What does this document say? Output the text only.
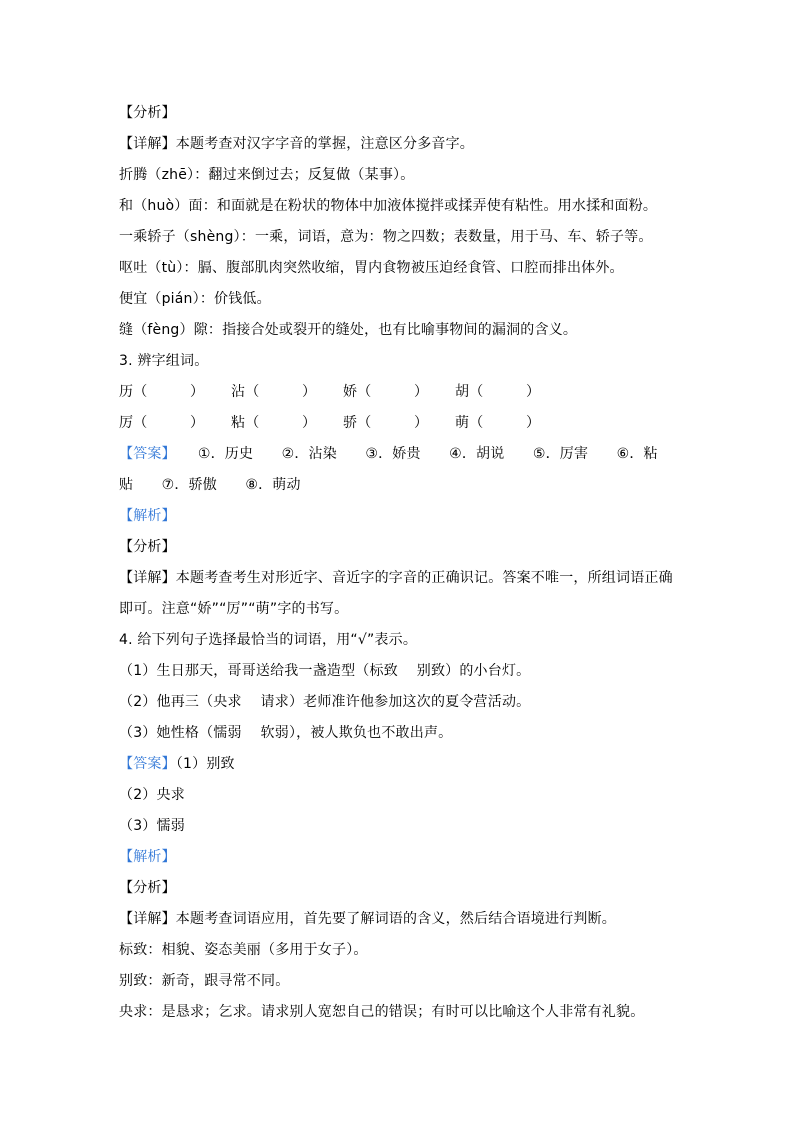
【分析】
【详解】本题考查对汉字字音的掌握，注意区分多音字。
折腾（zhē）：翻过来倒过去；反复做（某事）。
和（huò）面：和面就是在粉状的物体中加液体搅拌或揉弄使有粘性。用水揉和面粉。
一乘轿子（shèng）：一乘，词语，意为：物之四数；表数量，用于马、车、轿子等。
呕吐（tù）：膈、腹部肌肉突然收缩，胃内食物被压迫经食管、口腔而排出体外。
便宜（pián）：价钱低。
缝（fèng）隙：指接合处或裂开的缝处，也有比喻事物间的漏洞的含义。
3. 辨字组词。
历（　　　）	沾（　　　）	娇（　　　）	胡（　　　）
厉（　　　）	粘（　　　）	骄（　　　）	萌（　　　）
【答案】 ①．历史　　②．沾染　　③．娇贵　　④．胡说　　⑤．厉害　　⑥．粘
贴　　⑦．骄傲　　⑧．萌动
【解析】
【分析】
【详解】本题考查考生对形近字、音近字的字音的正确识记。答案不唯一，所组词语正确
即可。注意“娇”“厉”“萌”字的书写。
4. 给下列句子选择最恰当的词语，用“√”表示。
（1）生日那天，哥哥送给我一盏造型（标致　 别致）的小台灯。
（2）他再三（央求　 请求）老师准许他参加这次的夏令营活动。
（3）她性格（懦弱　 软弱），被人欺负也不敢出声。
【答案】（1）别致
（2）央求
（3）懦弱
【解析】
【分析】
【详解】本题考查词语应用，首先要了解词语的含义，然后结合语境进行判断。
标致：相貌、姿态美丽（多用于女子）。
别致：新奇，跟寻常不同。
央求：是恳求；乞求。请求别人宽恕自己的错误；有时可以比喻这个人非常有礼貌。
